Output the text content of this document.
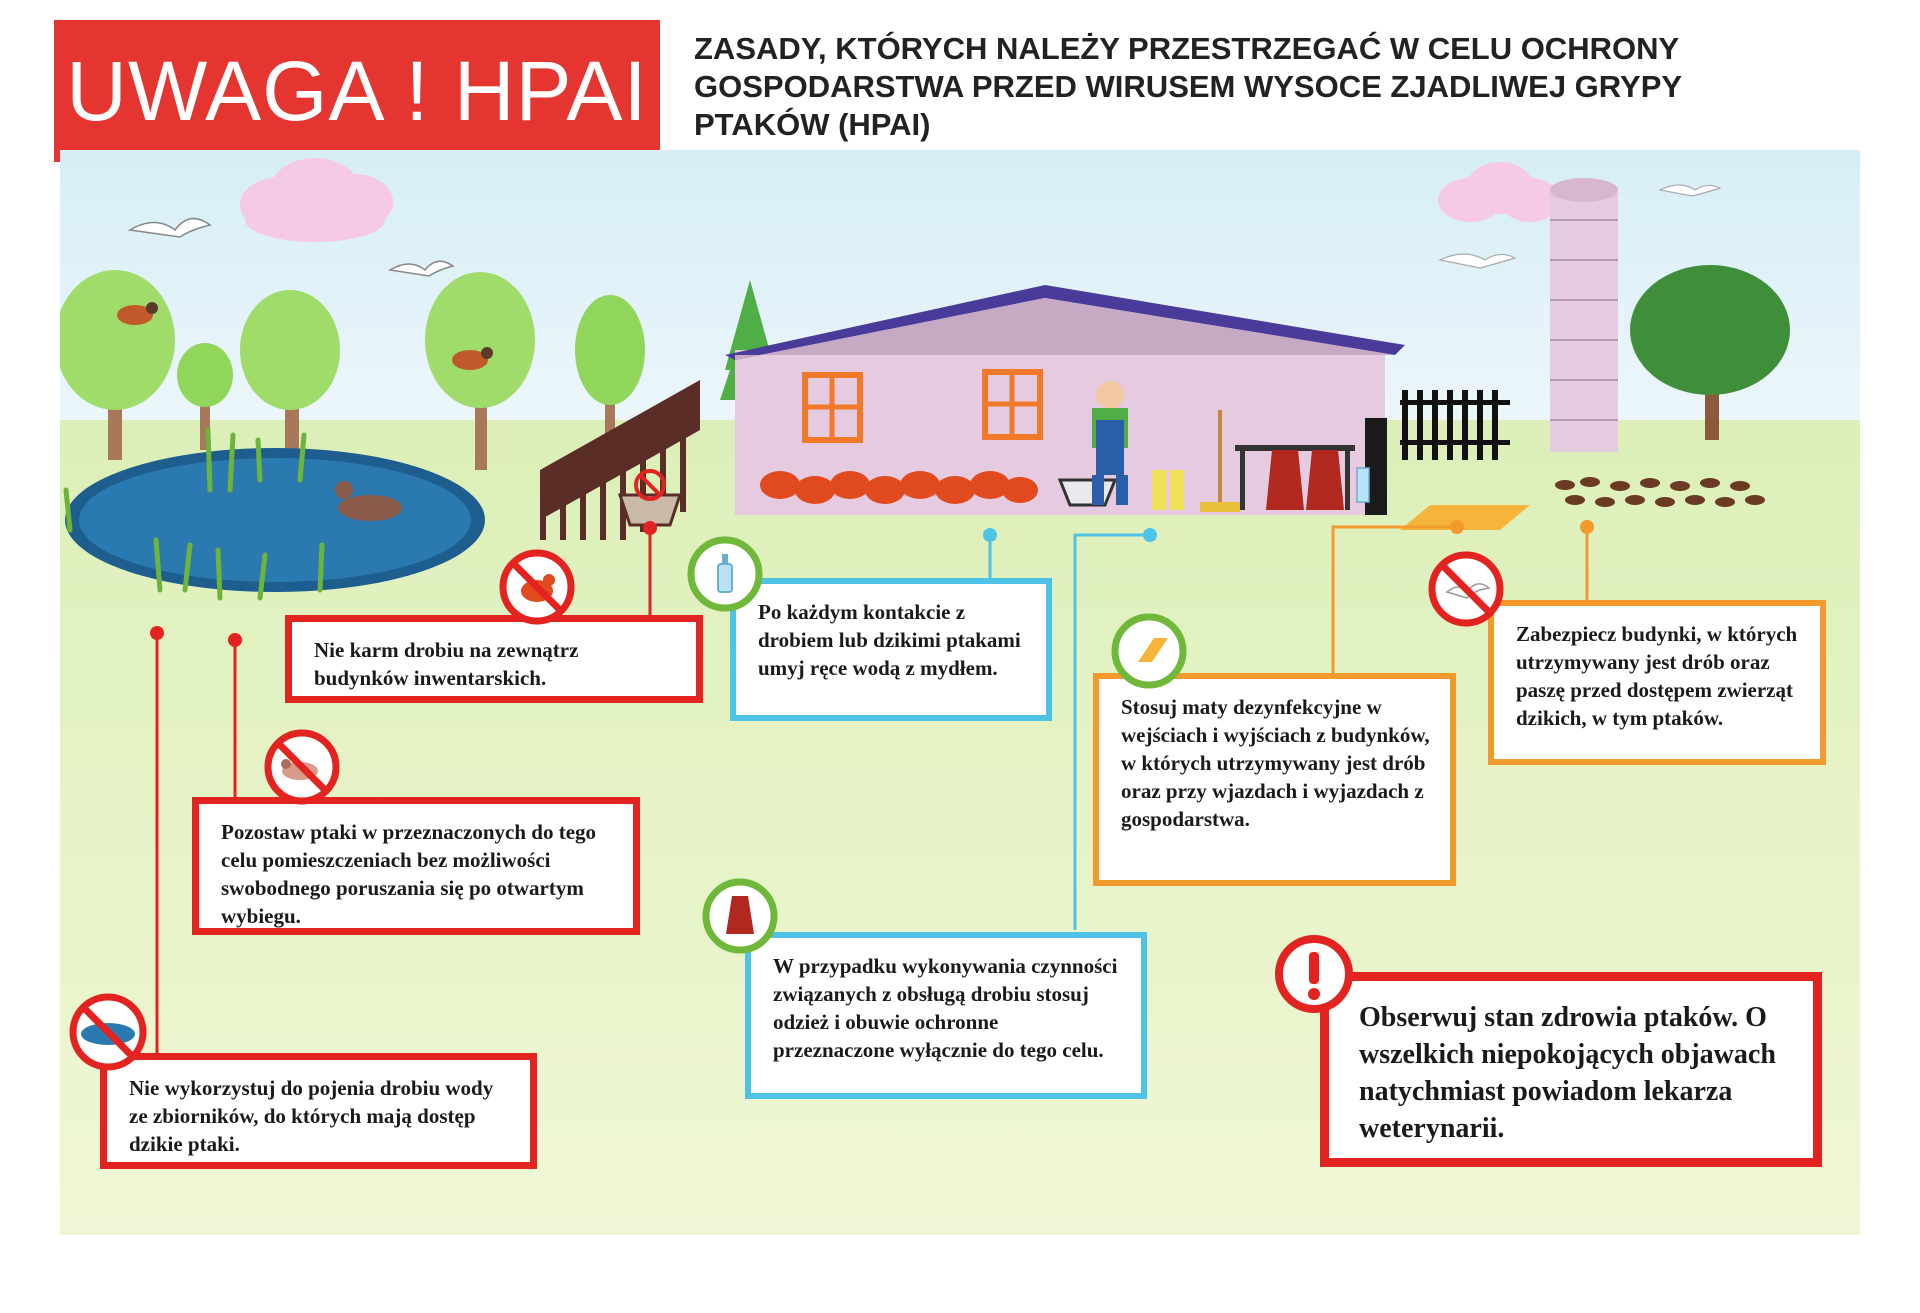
UWAGA ! HPAI	ZASADY, KTÓRYCH NALEŻY PRZESTRZEGAĆ W CELU OCHRONY GOSPODARSTWA PRZED WIRUSEM WYSOCE ZJADLIWEJ GRYPY PTAKÓW (HPAI)
Nie karm drobiu na zewnątrz budynków inwentarskich.
Pozostaw ptaki w przeznaczonych do tego celu pomieszczeniach bez możliwości swobodnego poruszania się po otwartym wybiegu.
Nie wykorzystuj do pojenia drobiu wody ze zbiorników, do których mają dostęp dzikie ptaki.
Po każdym kontakcie z drobiem lub dzikimi ptakami umyj ręce wodą z mydłem.
W przypadku wykonywania czynności związanych z obsługą drobiu stosuj odzież i obuwie ochronne przeznaczone wyłącznie do tego celu.
Stosuj maty dezynfekcyjne w wejściach i wyjściach z budynków, w których utrzymywany jest drób oraz przy wjazdach i wyjazdach z gospodarstwa.
Zabezpiecz budynki, w których utrzymywany jest drób oraz paszę przed dostępem zwierząt dzikich, w tym ptaków.
Obserwuj stan zdrowia ptaków. O wszelkich niepokojących objawach natychmiast powiadom lekarza weterynarii.
